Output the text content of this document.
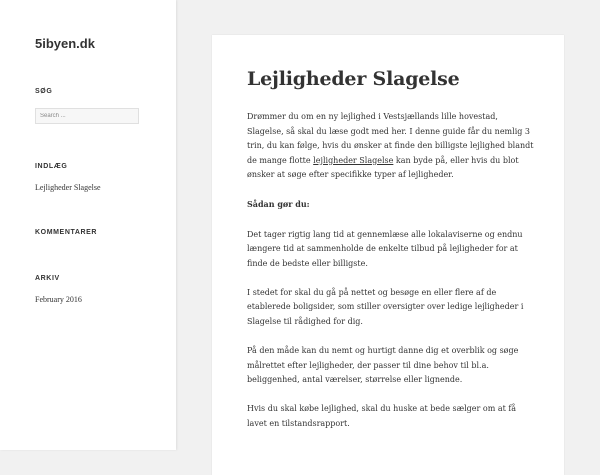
5ibyen.dk
SØG
Search ...
INDLÆG
Lejligheder Slagelse
KOMMENTARER
ARKIV
February 2016
Lejligheder Slagelse

Drømmer du om en ny lejlighed i Vestsjællands lille hovestad, Slagelse, så skal du læse godt med her. I denne guide får du nemlig 3 trin, du kan følge, hvis du ønsker at finde den billigste lejlighed blandt de mange flotte lejligheder Slagelse kan byde på, eller hvis du blot ønsker at søge efter specifikke typer af lejligheder.

Sådan gør du:

Det tager rigtig lang tid at gennemlæse alle lokalaviserne og endnu længere tid at sammenholde de enkelte tilbud på lejligheder for at finde de bedste eller billigste.

I stedet for skal du gå på nettet og besøge en eller flere af de etablerede boligsider, som stiller oversigter over ledige lejligheder i Slagelse til rådighed for dig.

På den måde kan du nemt og hurtigt danne dig et overblik og søge målrettet efter lejligheder, der passer til dine behov til bl.a. beliggenhed, antal værelser, størrelse eller lignende.

Hvis du skal købe lejlighed, skal du huske at bede sælger om at få lavet en tilstandsrapport.
